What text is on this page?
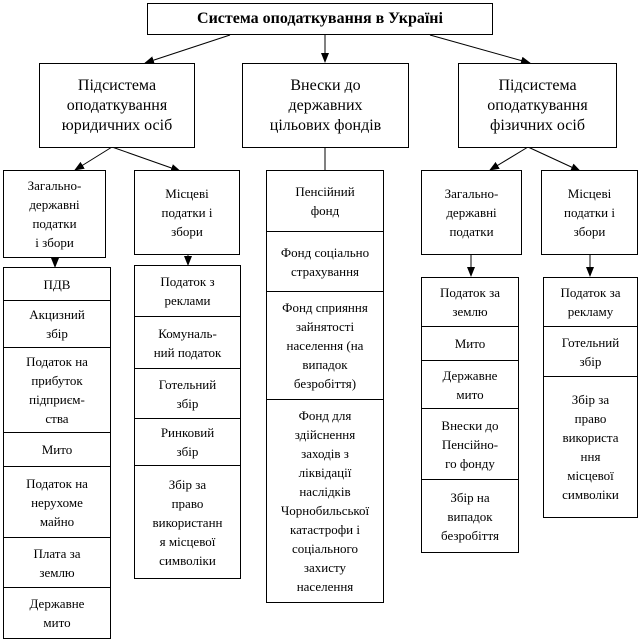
Система оподаткування в Україні
Підсистема
оподаткування
юридичних осіб
Внески до
державних
цільових фондів
Підсистема
оподаткування
фізичних осіб
Загально-
державні
податки
і збори
Місцеві
податки і
збори
Загально-
державні
податки
Місцеві
податки і
збори
ПДВ
Акцизний
збір
Податок на
прибуток
підприєм-
ства
Мито
Податок на
нерухоме
майно
Плата за
землю
Державне
мито
Податок з
реклами
Комуналь-
ний податок
Готельний
збір
Ринковий
збір
Збір за
право
використанн
я місцевої
символіки
Пенсійний
фонд
Фонд соціально
страхування
Фонд сприяння
зайнятості
населення (на
випадок
безробіття)
Фонд для
здійснення
заходів з
ліквідації
наслідків
Чорнобильської
катастрофи і
соціального
захисту
населення
Податок за
землю
Мито
Державне
мито
Внески до
Пенсійно-
го фонду
Збір на
випадок
безробіття
Податок за
рекламу
Готельний
збір
Збір за
право
використа
ння
місцевої
символіки
